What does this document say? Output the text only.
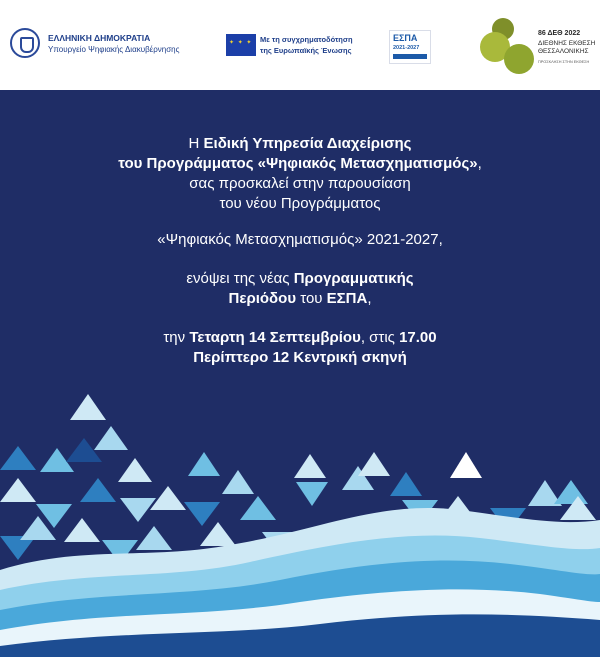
ΕΛΛΗΝΙΚΗ ΔΗΜΟΚΡΑΤΙΑ
Υπουργείο Ψηφιακής Διακυβέρνησης
✦ ✦ ✦
Με τη συγχρηματοδότηση
της Ευρωπαϊκής Ένωσης
ΕΣΠΑ
2021-2027
86 ΔΕΘ 2022
ΔΙΕΘΝΗΣ ΕΚΘΕΣΗ
ΘΕΣΣΑΛΟΝΙΚΗΣ
ΠΡΟΣΚΛΗΣΗ ΣΤΗΝ ΕΚΘΕΣΗ

Η Ειδική Υπηρεσία Διαχείρισης

του Προγράμματος «Ψηφιακός Μετασχηματισμός»,

σας προσκαλεί στην παρουσίαση

του νέου Προγράμματος

«Ψηφιακός Μετασχηματισμός» 2021-2027,

ενόψει της νέας Προγραμματικής

Περιόδου του ΕΣΠΑ,

την Τεταρτη 14 Σεπτεμβρίου, στις 17.00

Περίπτερο 12 Κεντρική σκηνή
